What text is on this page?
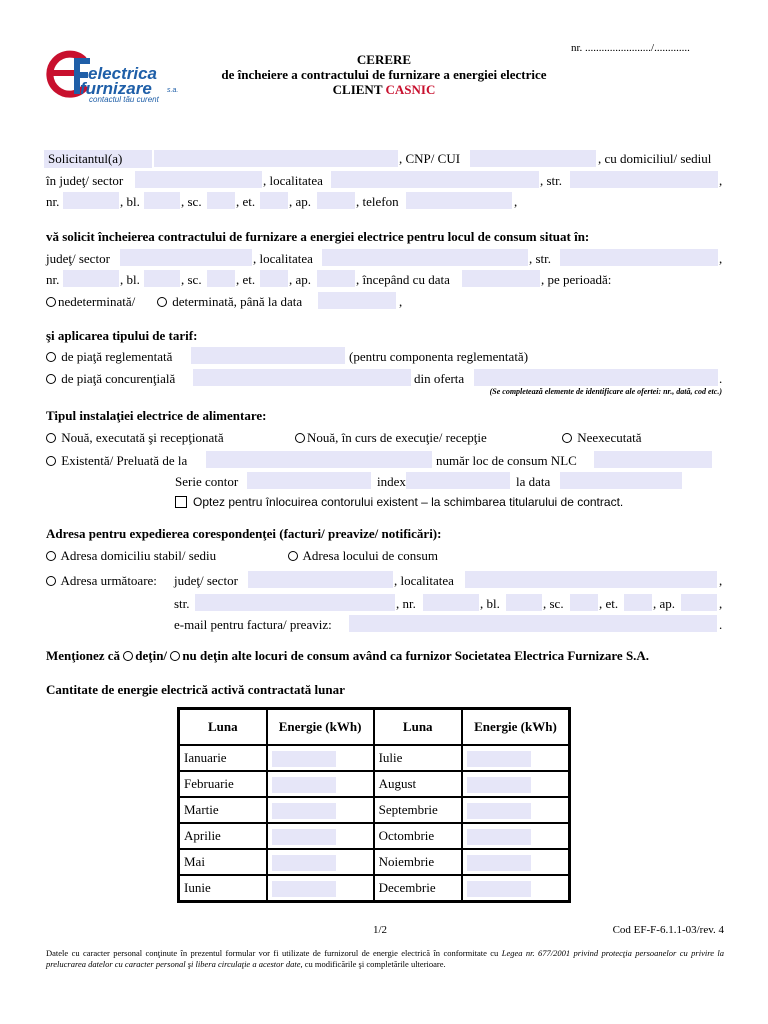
electrica
furnizare s.a.
contactul tău curent
nr. ......................../.............
CERERE
de încheiere a contractului de furnizare a energiei electrice
CLIENT CASNIC
Solicitantul(a)	, CNP/ CUI	, cu domiciliul/ sediul
în judeţ/ sector	, localitatea	, str.	,
nr.	, bl.	, sc.	, et.	, ap.	, telefon	,
vă solicit încheierea contractului de furnizare a energiei electrice pentru locul de consum situat în:
judeţ/ sector	, localitatea	, str.	,
nr.	, bl.	, sc.	, et.	, ap.	, începând cu data	, pe perioadă:
nedeterminată/	determinată, până la data	,
şi aplicarea tipului de tarif:
de piaţă reglementată	(pentru componenta reglementată)
de piaţă concurenţială	din oferta	.
(Se completează elemente de identificare ale ofertei: nr., dată, cod etc.)
Tipul instalaţiei electrice de alimentare:
Nouă, executată şi recepţionată	Nouă, în curs de execuţie/ recepţie	Neexecutată
Existentă/ Preluată de la	număr loc de consum NLC
Serie contor	index	la data
Optez pentru înlocuirea contorului existent – la schimbarea titularului de contract.
Adresa pentru expedierea corespondenţei (facturi/ preavize/ notificări):
Adresa domiciliu stabil/ sediu	Adresa locului de consum
Adresa următoare: judeţ/ sector	, localitatea	,
str.	, nr.	, bl.	, sc.	, et.	, ap.	,
e-mail pentru factura/ preaviz:	.
Menţionez că deţin/ nu deţin alte locuri de consum având ca furnizor Societatea Electrica Furnizare S.A.
Cantitate de energie electrică activă contractată lunar
Luna	Energie (kWh)	Luna	Energie (kWh)
Ianuarie		Iulie	
Februarie		August	
Martie		Septembrie	
Aprilie		Octombrie	
Mai		Noiembrie	
Iunie		Decembrie	
1/2	Cod EF-F-6.1.1-03/rev. 4
Datele cu caracter personal conţinute în prezentul formular vor fi utilizate de furnizorul de energie electrică în conformitate cu Legea nr. 677/2001 privind protecţia persoanelor cu privire la prelucrarea datelor cu caracter personal şi libera circulaţie a acestor date, cu modificările şi completările ulterioare.
